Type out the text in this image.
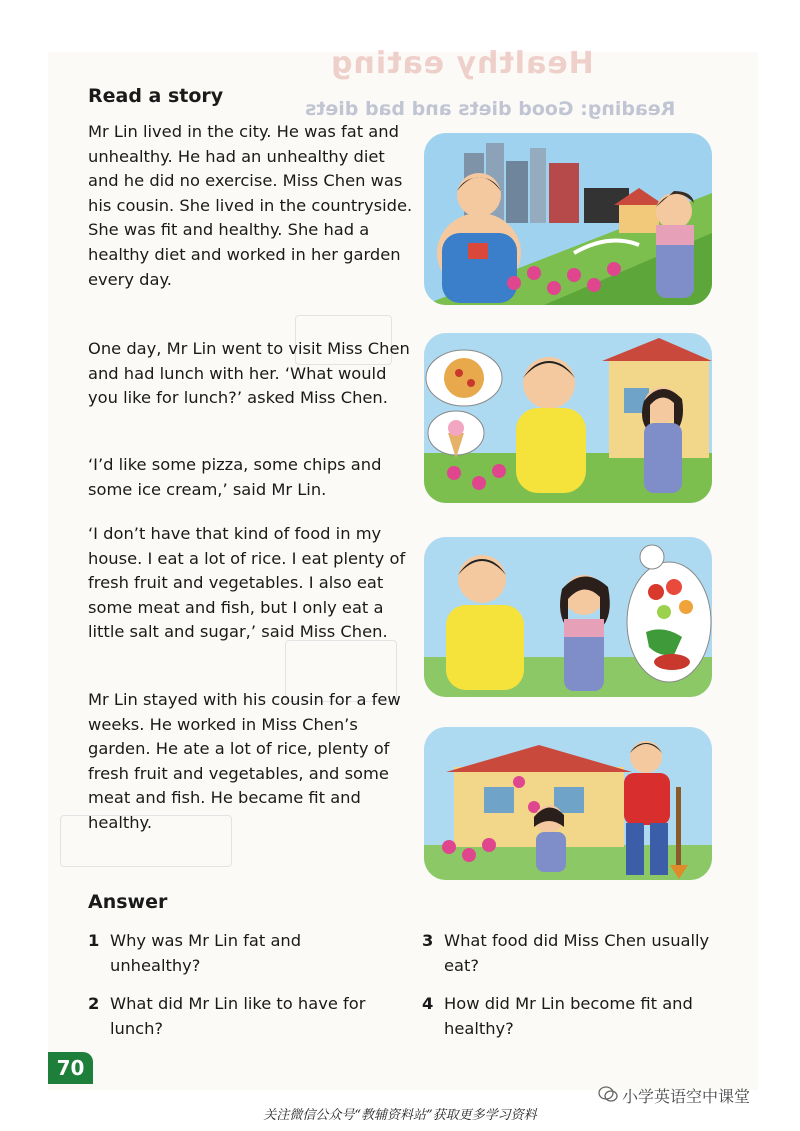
Healthy eating
Reading: Good diets and bad diets
Read a story

Mr Lin lived in the city. He was fat and unhealthy. He had an unhealthy diet and he did no exercise. Miss Chen was his cousin. She lived in the countryside. She was fit and healthy. She had a healthy diet and worked in her garden every day.

One day, Mr Lin went to visit Miss Chen and had lunch with her. ‘What would you like for lunch?’ asked Miss Chen.

‘I’d like some pizza, some chips and some ice cream,’ said Mr Lin.

‘I don’t have that kind of food in my house. I eat a lot of rice. I eat plenty of fresh fruit and vegetables. I also eat some meat and fish, but I only eat a little salt and sugar,’ said Miss Chen.

Mr Lin stayed with his cousin for a few weeks. He worked in Miss Chen’s garden. He ate a lot of rice, plenty of fresh fruit and vegetables, and some meat and fish. He became fit and healthy.

Answer
1 Why was Mr Lin fat and unhealthy?
2 What did Mr Lin like to have for lunch?
3 What food did Miss Chen usually eat?
4 How did Mr Lin become fit and healthy?
70
小学英语空中课堂
关注微信公众号“教辅资料站”获取更多学习资料
